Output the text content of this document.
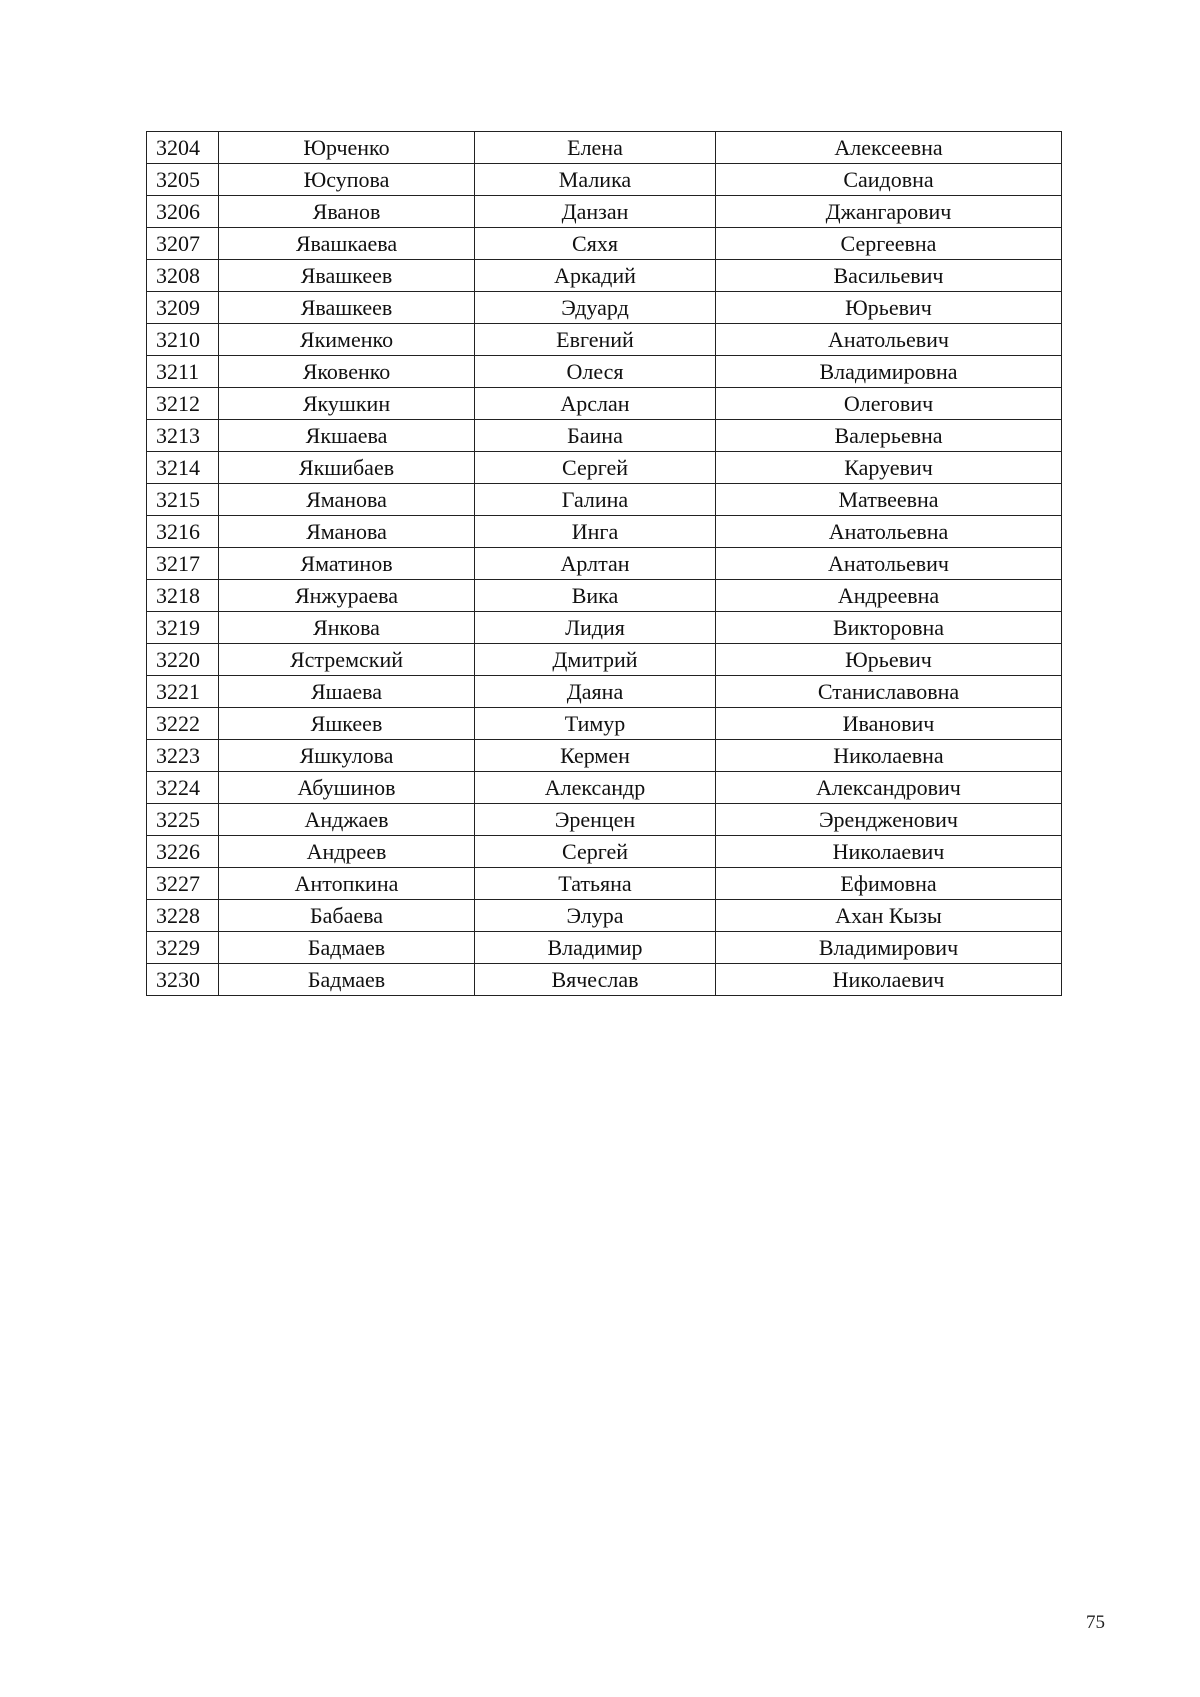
3204	Юрченко	Елена	Алексеевна
3205	Юсупова	Малика	Саидовна
3206	Яванов	Данзан	Джангарович
3207	Явашкаева	Сяхя	Сергеевна
3208	Явашкеев	Аркадий	Васильевич
3209	Явашкеев	Эдуард	Юрьевич
3210	Якименко	Евгений	Анатольевич
3211	Яковенко	Олеся	Владимировна
3212	Якушкин	Арслан	Олегович
3213	Якшаева	Баина	Валерьевна
3214	Якшибаев	Сергей	Каруевич
3215	Яманова	Галина	Матвеевна
3216	Яманова	Инга	Анатольевна
3217	Яматинов	Арлтан	Анатольевич
3218	Янжураева	Вика	Андреевна
3219	Янкова	Лидия	Викторовна
3220	Ястремский	Дмитрий	Юрьевич
3221	Яшаева	Даяна	Станиславовна
3222	Яшкеев	Тимур	Иванович
3223	Яшкулова	Кермен	Николаевна
3224	Абушинов	Александр	Александрович
3225	Анджаев	Эренцен	Эрендженович
3226	Андреев	Сергей	Николаевич
3227	Антопкина	Татьяна	Ефимовна
3228	Бабаева	Элура	Ахан Кызы
3229	Бадмаев	Владимир	Владимирович
3230	Бадмаев	Вячеслав	Николаевич
75
